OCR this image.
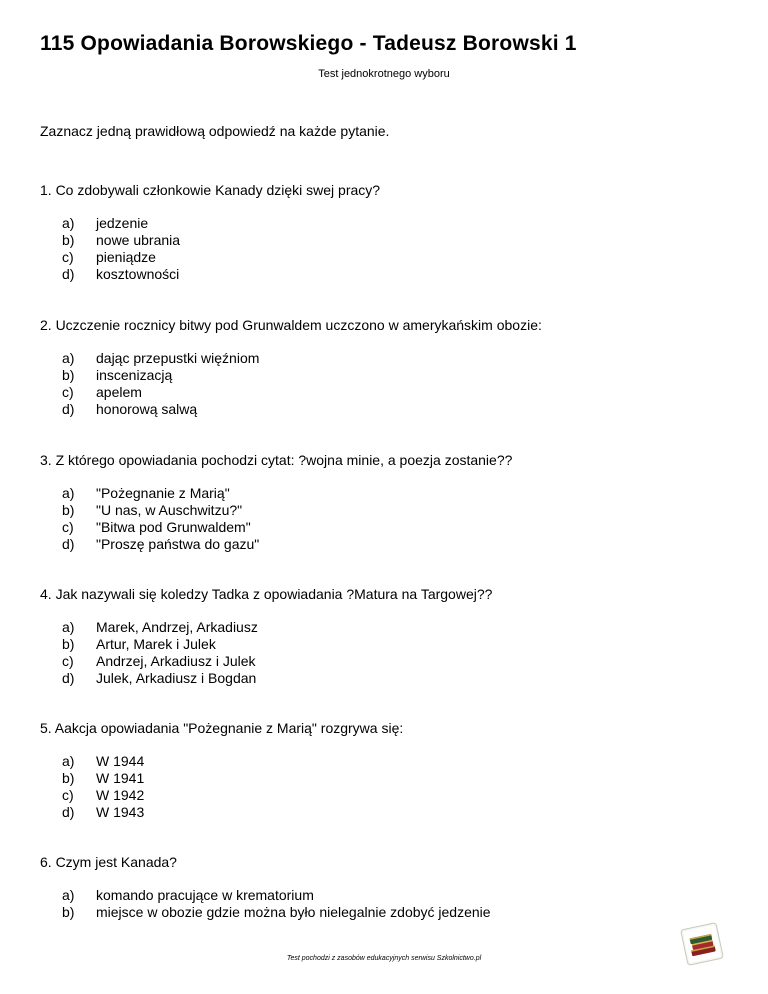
115 Opowiadania Borowskiego - Tadeusz Borowski 1
Test jednokrotnego wyboru
Zaznacz jedną prawidłową odpowiedź na każde pytanie.
1. Co zdobywali członkowie Kanady dzięki swej pracy?
a)	jedzenie
b)	nowe ubrania
c)	pieniądze
d)	kosztowności
2. Uczczenie rocznicy bitwy pod Grunwaldem uczczono w amerykańskim obozie:
a)	dając przepustki więźniom
b)	inscenizacją
c)	apelem
d)	honorową salwą
3. Z którego opowiadania pochodzi cytat: ?wojna minie, a poezja zostanie??
a)	"Pożegnanie z Marią"
b)	"U nas, w Auschwitzu?"
c)	"Bitwa pod Grunwaldem"
d)	"Proszę państwa do gazu"
4. Jak nazywali się koledzy Tadka z opowiadania ?Matura na Targowej??
a)	Marek, Andrzej, Arkadiusz
b)	Artur, Marek i Julek
c)	Andrzej, Arkadiusz i Julek
d)	Julek, Arkadiusz i Bogdan
5. Aakcja opowiadania "Pożegnanie z Marią" rozgrywa się:
a)	W 1944
b)	W 1941
c)	W 1942
d)	W 1943
6. Czym jest Kanada?
a)	komando pracujące w krematorium
b)	miejsce w obozie gdzie można było nielegalnie zdobyć jedzenie
Test pochodzi z zasobów edukacyjnych serwisu Szkolnictwo.pl
